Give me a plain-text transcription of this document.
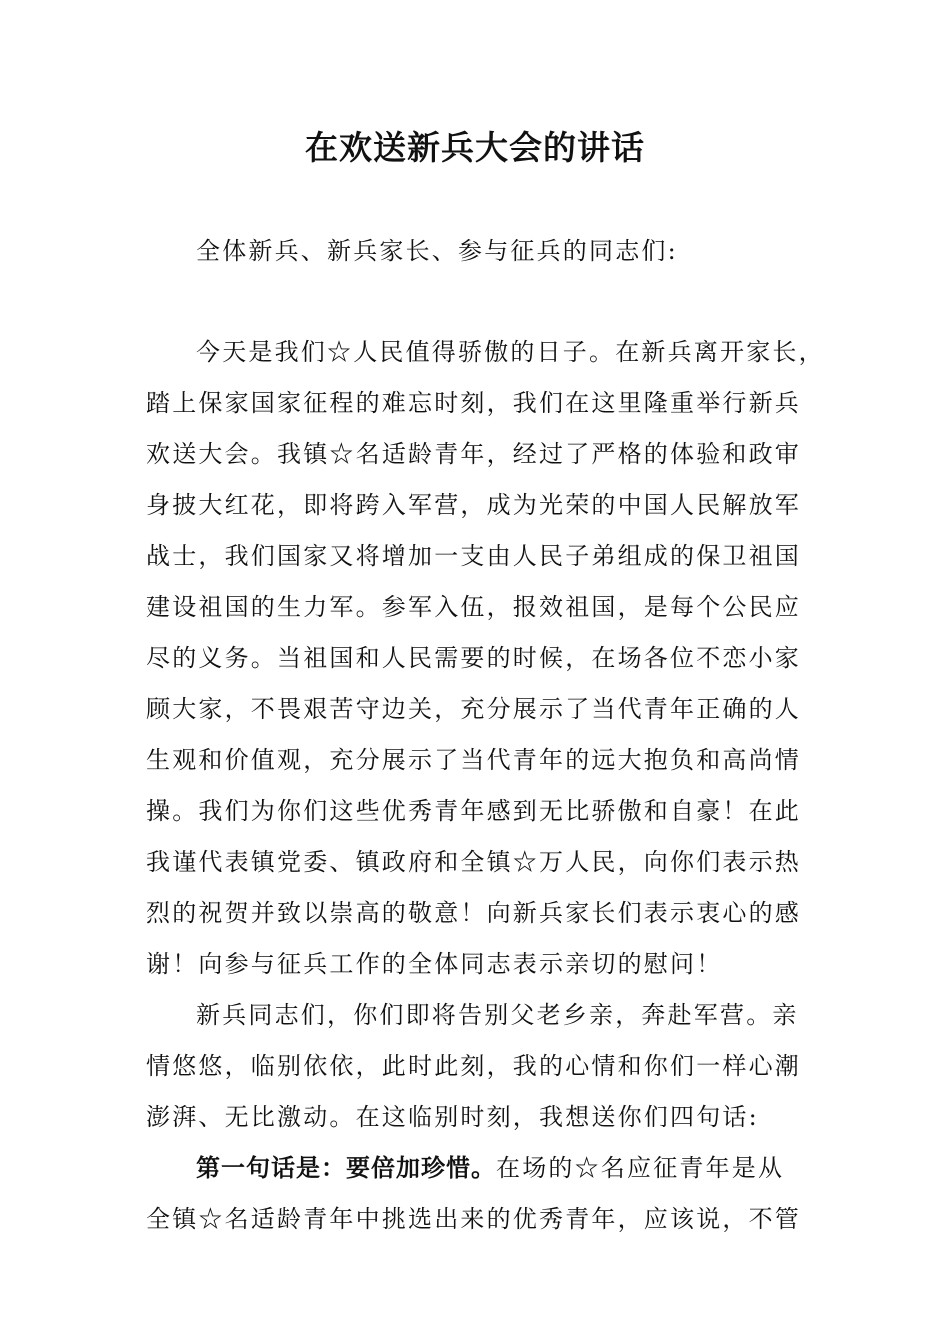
在欢送新兵大会的讲话

全体新兵、新兵家长、参与征兵的同志们:

今天是我们☆人民值得骄傲的日子。在新兵离开家长，
踏上保家国家征程的难忘时刻，我们在这里隆重举行新兵
欢送大会。我镇☆名适龄青年，经过了严格的体验和政审
身披大红花，即将跨入军营，成为光荣的中国人民解放军
战士，我们国家又将增加一支由人民子弟组成的保卫祖国
建设祖国的生力军。参军入伍，报效祖国，是每个公民应
尽的义务。当祖国和人民需要的时候，在场各位不恋小家
顾大家，不畏艰苦守边关，充分展示了当代青年正确的人
生观和价值观，充分展示了当代青年的远大抱负和高尚情
操。我们为你们这些优秀青年感到无比骄傲和自豪！在此
我谨代表镇党委、镇政府和全镇☆万人民，向你们表示热
烈的祝贺并致以崇高的敬意！向新兵家长们表示衷心的感
谢！向参与征兵工作的全体同志表示亲切的慰问！
新兵同志们，你们即将告别父老乡亲，奔赴军营。亲
情悠悠，临别依依，此时此刻，我的心情和你们一样心潮
澎湃、无比激动。在这临别时刻，我想送你们四句话:
第一句话是：要倍加珍惜。在场的☆名应征青年是从
全镇☆名适龄青年中挑选出来的优秀青年，应该说，不管
